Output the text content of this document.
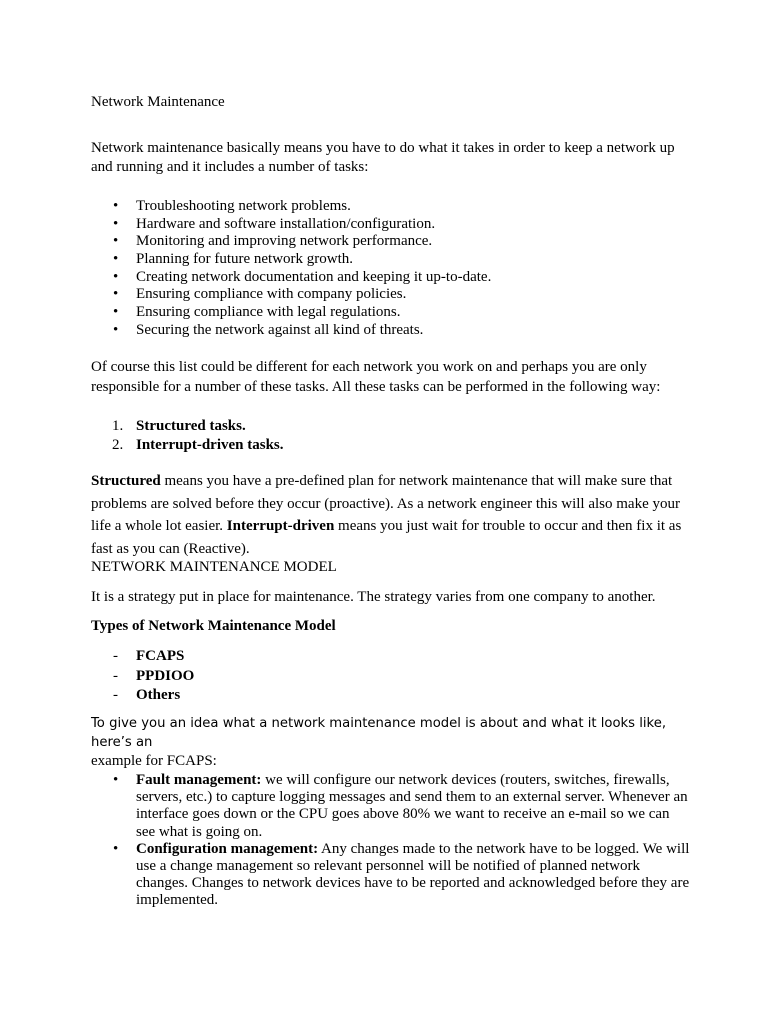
Network Maintenance

Network maintenance basically means you have to do what it takes in order to keep a network up and running and it includes a number of tasks:

• Troubleshooting network problems.
• Hardware and software installation/configuration.
• Monitoring and improving network performance.
• Planning for future network growth.
• Creating network documentation and keeping it up-to-date.
• Ensuring compliance with company policies.
• Ensuring compliance with legal regulations.
• Securing the network against all kind of threats.

Of course this list could be different for each network you work on and perhaps you are only responsible for a number of these tasks. All these tasks can be performed in the following way:

1. Structured tasks.
2. Interrupt-driven tasks.

Structured means you have a pre-defined plan for network maintenance that will make sure that problems are solved before they occur (proactive). As a network engineer this will also make your life a whole lot easier. Interrupt-driven means you just wait for trouble to occur and then fix it as fast as you can (Reactive).

NETWORK MAINTENANCE MODEL

It is a strategy put in place for maintenance. The strategy varies from one company to another.

Types of Network Maintenance Model

- FCAPS
- PPDIOO
- Others

To give you an idea what a network maintenance model is about and what it looks like, here’s an
example for FCAPS:

• Fault management: we will configure our network devices (routers, switches, firewalls, servers, etc.) to capture logging messages and send them to an external server. Whenever an interface goes down or the CPU goes above 80% we want to receive an e-mail so we can see what is going on.
• Configuration management: Any changes made to the network have to be logged. We will use a change management so relevant personnel will be notified of planned network changes. Changes to network devices have to be reported and acknowledged before they are implemented.
